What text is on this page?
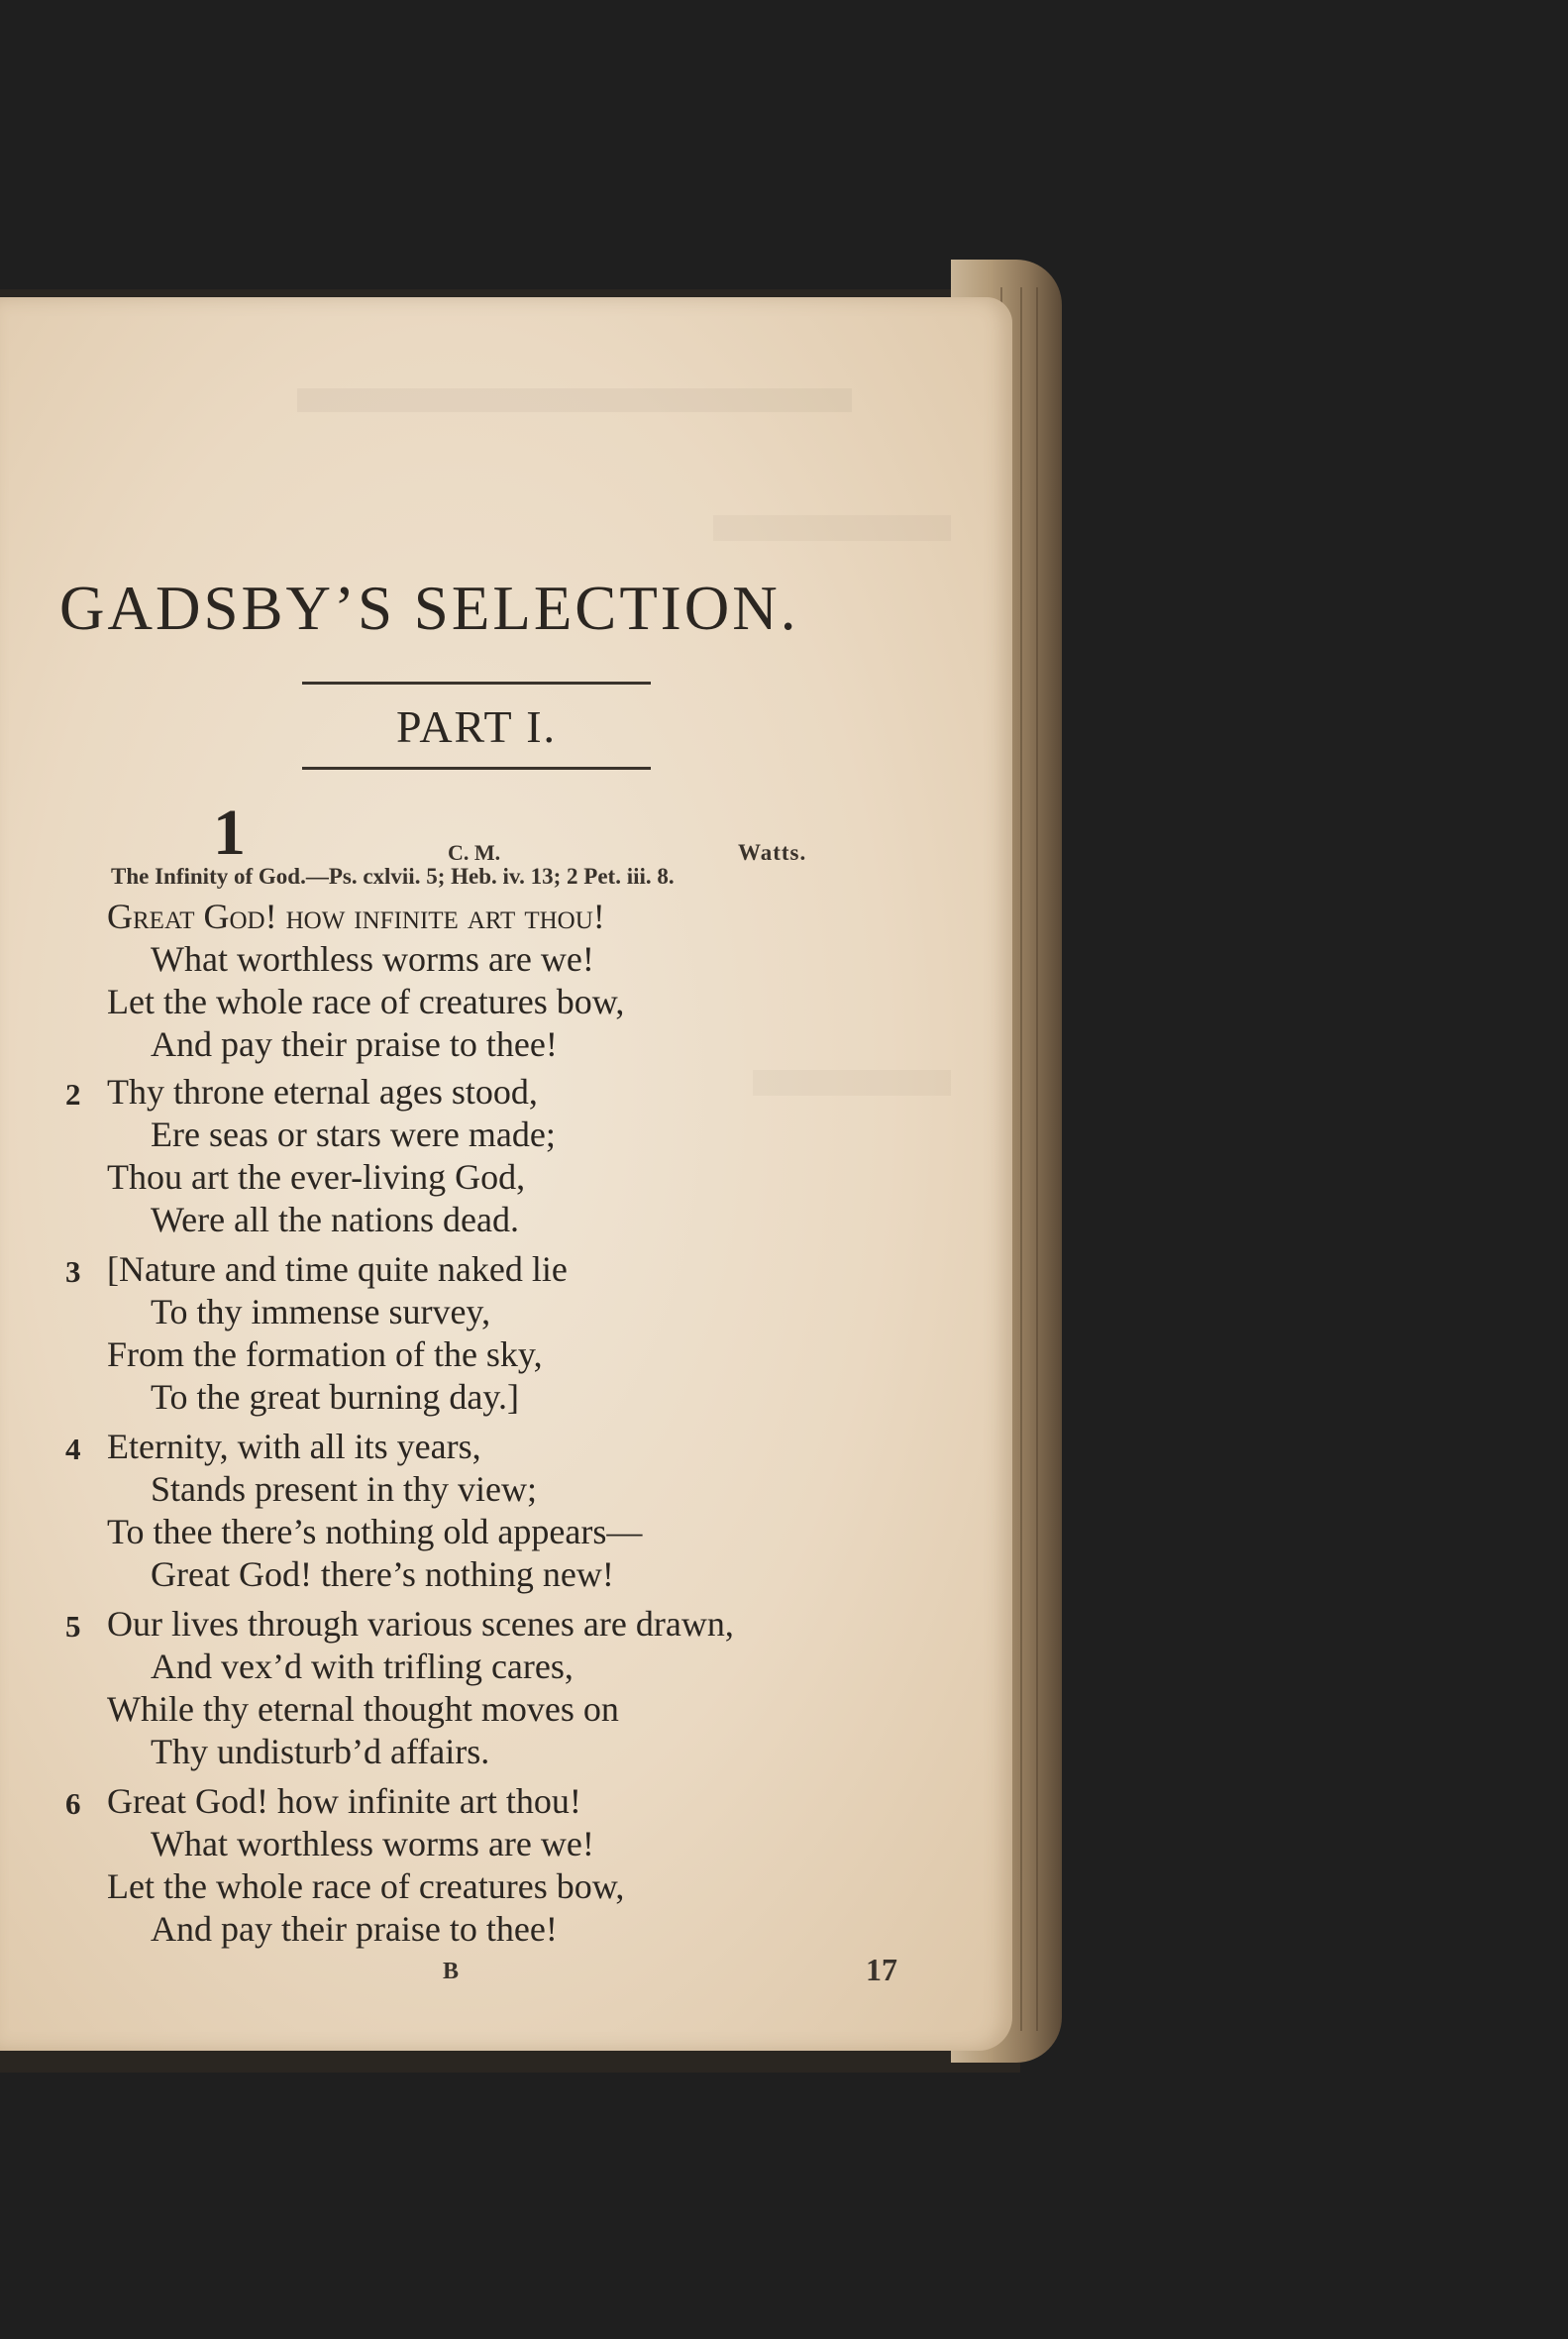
GADSBY’S SELECTION.
PART I.
1	C. M.	Watts.
The Infinity of God.—Ps. cxlvii. 5; Heb. iv. 13; 2 Pet. iii. 8.
Great God! how infinite art thou!
What worthless worms are we!
Let the whole race of creatures bow,
And pay their praise to thee!
2 Thy throne eternal ages stood,
Ere seas or stars were made;
Thou art the ever-living God,
Were all the nations dead.
3 [Nature and time quite naked lie
To thy immense survey,
From the formation of the sky,
To the great burning day.]
4 Eternity, with all its years,
Stands present in thy view;
To thee there’s nothing old appears—
Great God! there’s nothing new!
5 Our lives through various scenes are drawn,
And vex’d with trifling cares,
While thy eternal thought moves on
Thy undisturb’d affairs.
6 Great God! how infinite art thou!
What worthless worms are we!
Let the whole race of creatures bow,
And pay their praise to thee!
B	17
